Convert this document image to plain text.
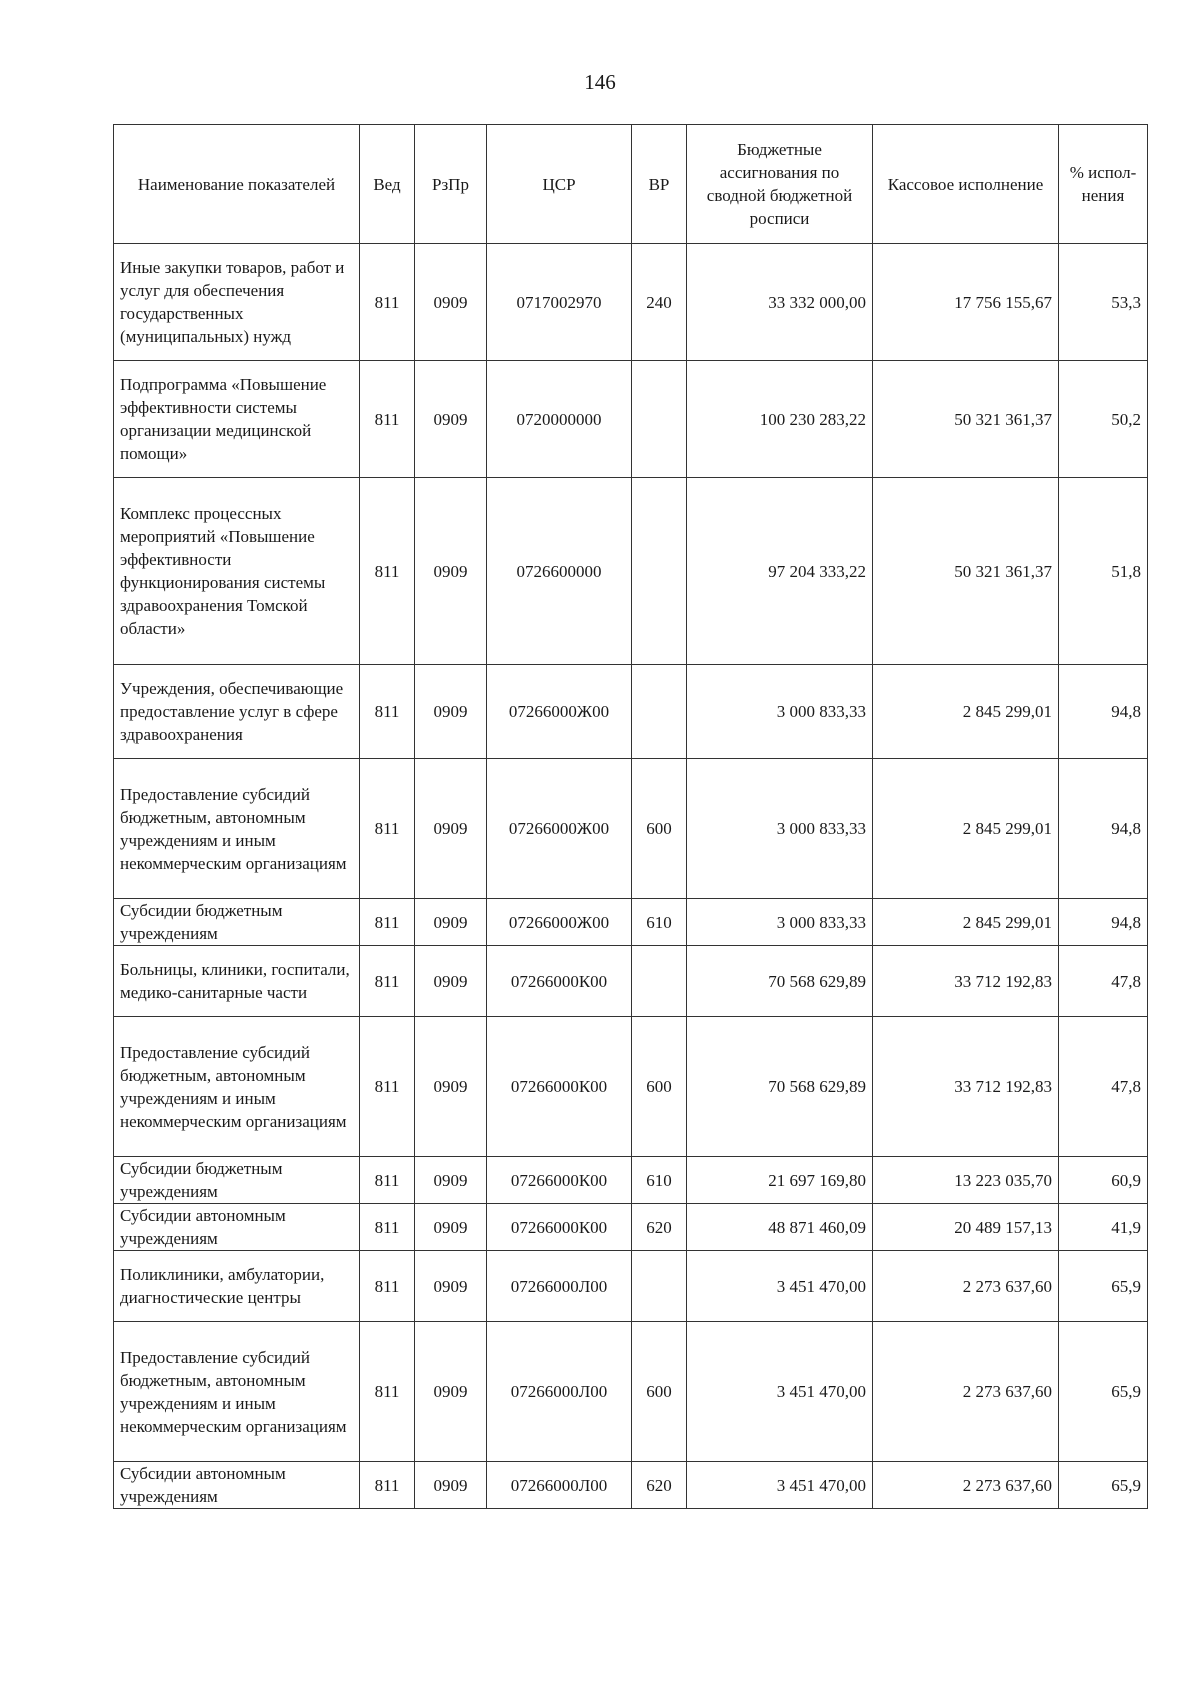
146
Наименование показателей	Вед	РзПр	ЦСР	ВР	Бюджетные ассигнования по сводной бюджетной росписи	Кассовое исполнение	% испол-нения
Иные закупки товаров, работ и услуг для обеспечения государственных (муниципальных) нужд	811	0909	0717002970	240	33 332 000,00	17 756 155,67	53,3
Подпрограмма «Повышение эффективности системы организации медицинской помощи»	811	0909	0720000000		100 230 283,22	50 321 361,37	50,2
Комплекс процессных мероприятий «Повышение эффективности функционирования системы здравоохранения Томской области»	811	0909	0726600000		97 204 333,22	50 321 361,37	51,8
Учреждения, обеспечивающие предоставление услуг в сфере здравоохранения	811	0909	07266000Ж00		3 000 833,33	2 845 299,01	94,8
Предоставление субсидий бюджетным, автономным учреждениям и иным некоммерческим организациям	811	0909	07266000Ж00	600	3 000 833,33	2 845 299,01	94,8
Субсидии бюджетным учреждениям	811	0909	07266000Ж00	610	3 000 833,33	2 845 299,01	94,8
Больницы, клиники, госпитали, медико-санитарные части	811	0909	07266000К00		70 568 629,89	33 712 192,83	47,8
Предоставление субсидий бюджетным, автономным учреждениям и иным некоммерческим организациям	811	0909	07266000К00	600	70 568 629,89	33 712 192,83	47,8
Субсидии бюджетным учреждениям	811	0909	07266000К00	610	21 697 169,80	13 223 035,70	60,9
Субсидии автономным учреждениям	811	0909	07266000К00	620	48 871 460,09	20 489 157,13	41,9
Поликлиники, амбулатории, диагностические центры	811	0909	07266000Л00		3 451 470,00	2 273 637,60	65,9
Предоставление субсидий бюджетным, автономным учреждениям и иным некоммерческим организациям	811	0909	07266000Л00	600	3 451 470,00	2 273 637,60	65,9
Субсидии автономным учреждениям	811	0909	07266000Л00	620	3 451 470,00	2 273 637,60	65,9
